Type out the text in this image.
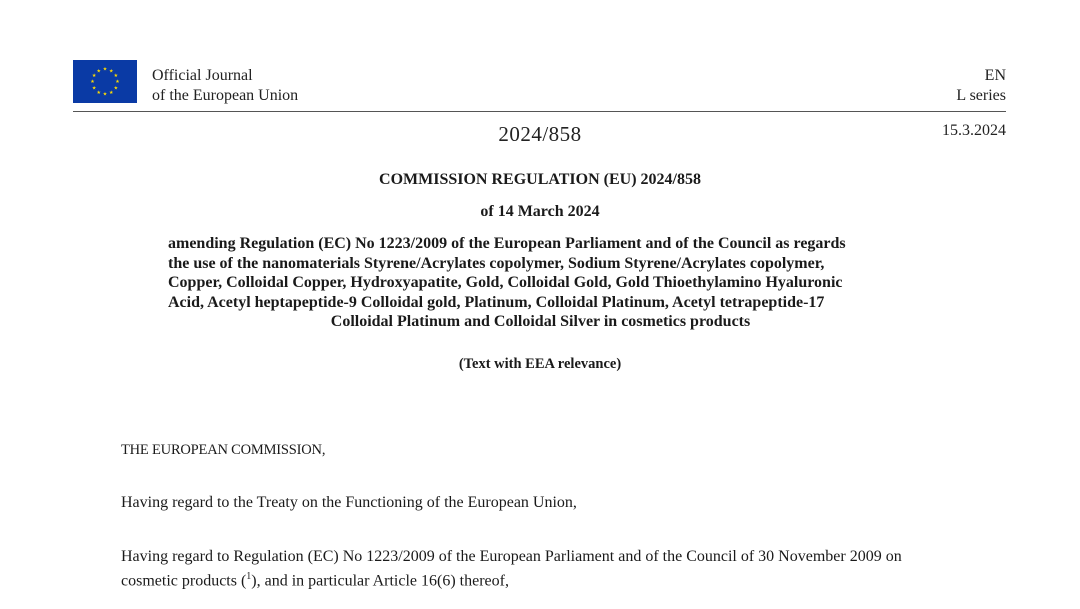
★ ★
★
★
★
★
★
★
★
★
★
★	Official Journal
of the European Union
EN
L series
2024/858	15.3.2024
COMMISSION REGULATION (EU) 2024/858
of 14 March 2024
amending Regulation (EC) No 1223/2009 of the European Parliament and of the Council as regards
the use of the nanomaterials Styrene/Acrylates copolymer, Sodium Styrene/Acrylates copolymer,
Copper, Colloidal Copper, Hydroxyapatite, Gold, Colloidal Gold, Gold Thioethylamino Hyaluronic
Acid, Acetyl heptapeptide-9 Colloidal gold, Platinum, Colloidal Platinum, Acetyl tetrapeptide-17
Colloidal Platinum and Colloidal Silver in cosmetics products
(Text with EEA relevance)
THE EUROPEAN COMMISSION,
Having regard to the Treaty on the Functioning of the European Union,
Having regard to Regulation (EC) No 1223/2009 of the European Parliament and of the Council of 30 November 2009 on
cosmetic products ($^1$), and in particular Article 16(6) thereof,
